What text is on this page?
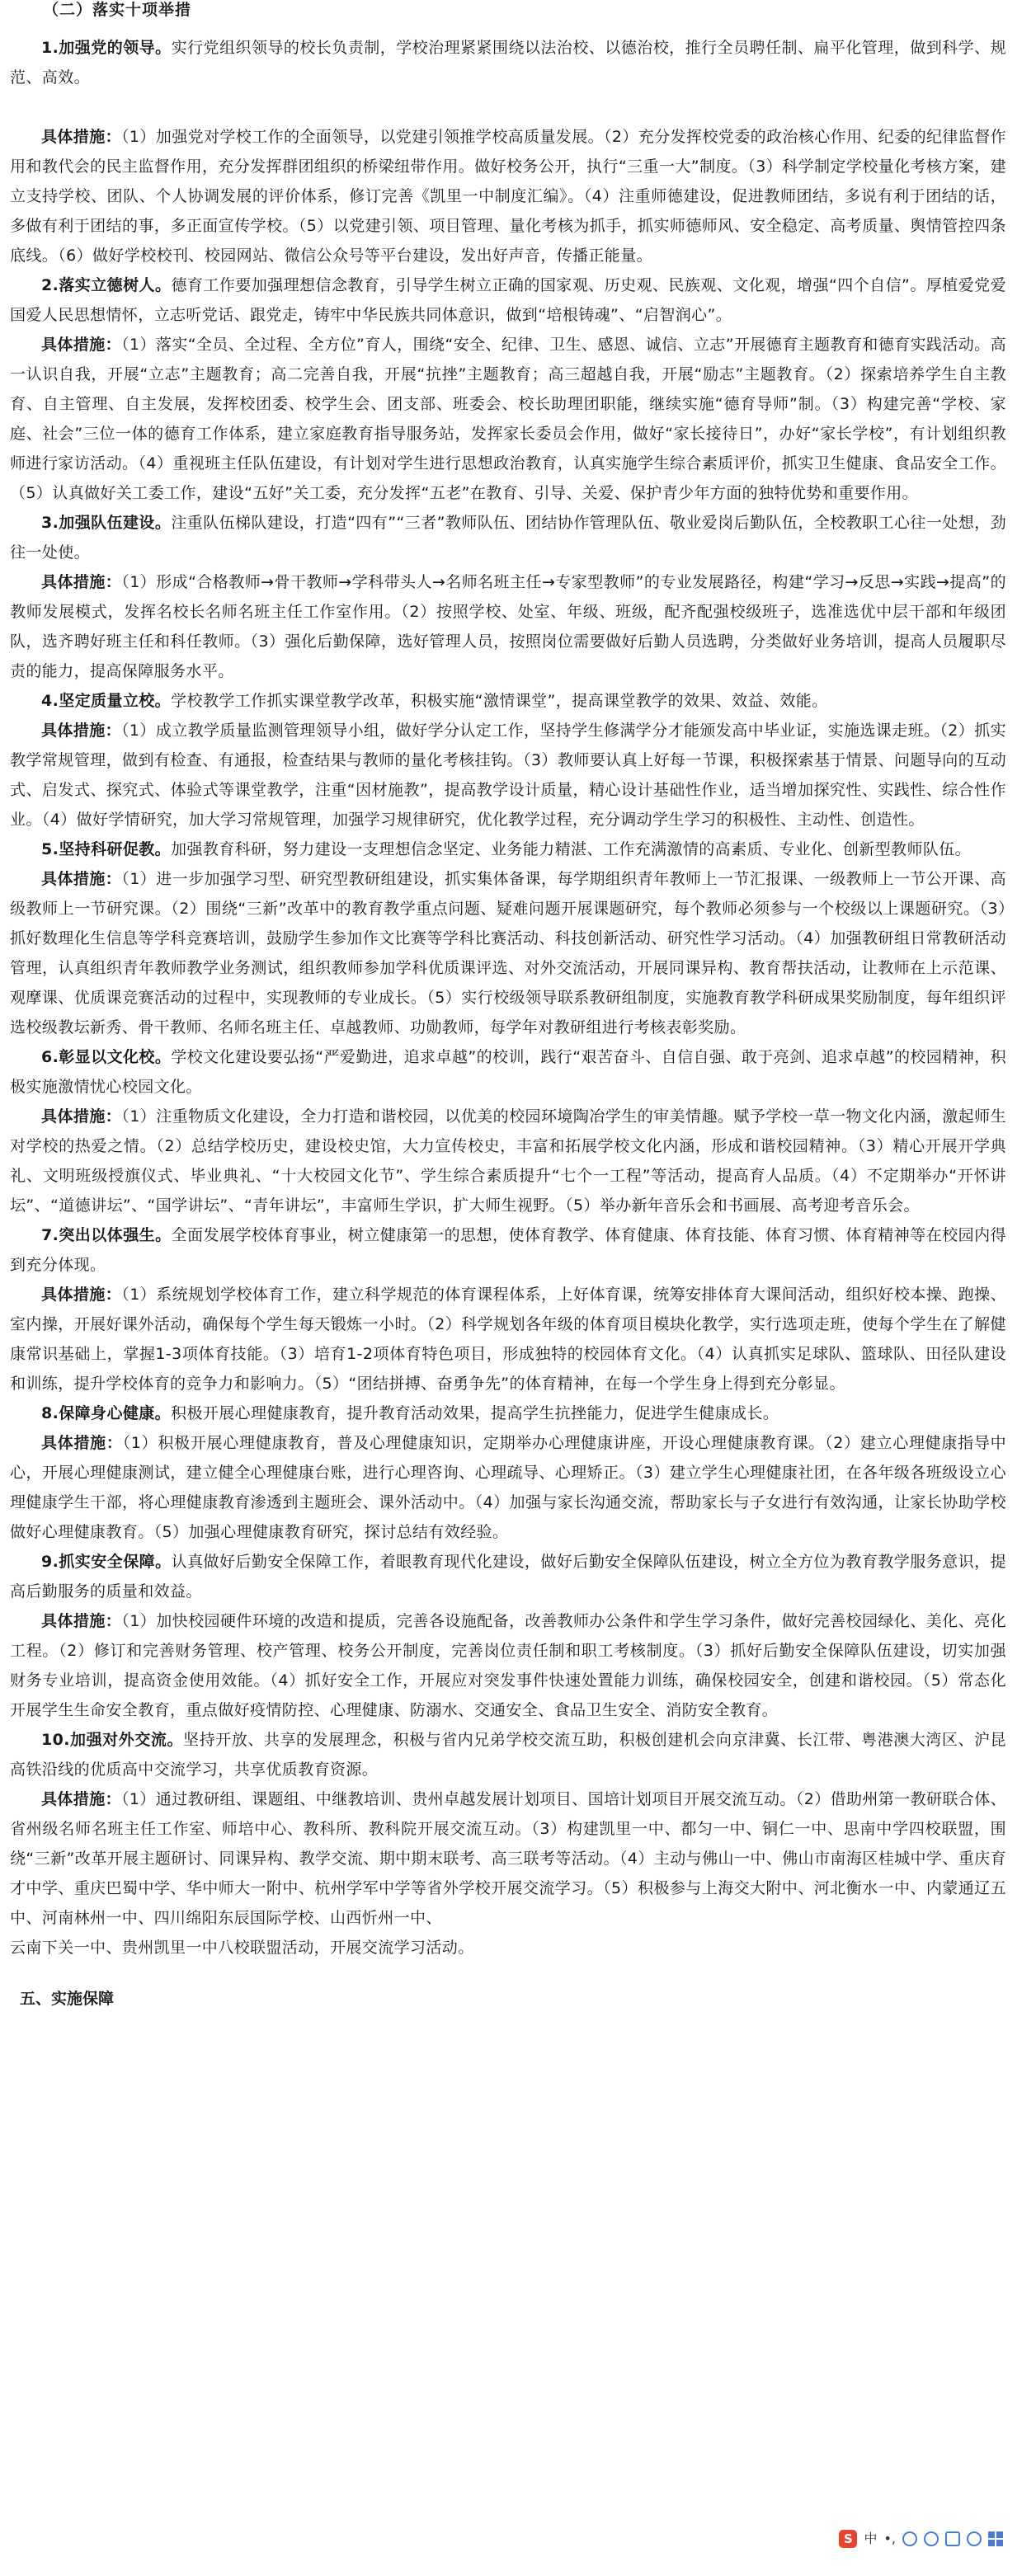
（二）落实十项举措

1.加强党的领导。实行党组织领导的校长负责制，学校治理紧紧围绕以法治校、以德治校，推行全员聘任制、扁平化管理，做到科学、规范、高效。

具体措施：（1）加强党对学校工作的全面领导，以党建引领推学校高质量发展。（2）充分发挥校党委的政治核心作用、纪委的纪律监督作用和教代会的民主监督作用，充分发挥群团组织的桥梁纽带作用。做好校务公开，执行“三重一大”制度。（3）科学制定学校量化考核方案，建立支持学校、团队、个人协调发展的评价体系，修订完善《凯里一中制度汇编》。（4）注重师德建设，促进教师团结，多说有利于团结的话，多做有利于团结的事，多正面宣传学校。（5）以党建引领、项目管理、量化考核为抓手，抓实师德师风、安全稳定、高考质量、舆情管控四条底线。（6）做好学校校刊、校园网站、微信公众号等平台建设，发出好声音，传播正能量。

2.落实立德树人。德育工作要加强理想信念教育，引导学生树立正确的国家观、历史观、民族观、文化观，增强“四个自信”。厚植爱党爱国爱人民思想情怀，立志听党话、跟党走，铸牢中华民族共同体意识，做到“培根铸魂”、“启智润心”。

具体措施：（1）落实“全员、全过程、全方位”育人，围绕“安全、纪律、卫生、感恩、诚信、立志”开展德育主题教育和德育实践活动。高一认识自我，开展“立志”主题教育；高二完善自我，开展“抗挫”主题教育；高三超越自我，开展“励志”主题教育。（2）探索培养学生自主教育、自主管理、自主发展，发挥校团委、校学生会、团支部、班委会、校长助理团职能，继续实施“德育导师”制。（3）构建完善“学校、家庭、社会”三位一体的德育工作体系，建立家庭教育指导服务站，发挥家长委员会作用，做好“家长接待日”，办好“家长学校”，有计划组织教师进行家访活动。（4）重视班主任队伍建设，有计划对学生进行思想政治教育，认真实施学生综合素质评价，抓实卫生健康、食品安全工作。（5）认真做好关工委工作，建设“五好”关工委，充分发挥“五老”在教育、引导、关爱、保护青少年方面的独特优势和重要作用。

3.加强队伍建设。注重队伍梯队建设，打造“四有”“三者”教师队伍、团结协作管理队伍、敬业爱岗后勤队伍，全校教职工心往一处想，劲往一处使。

具体措施：（1）形成“合格教师→骨干教师→学科带头人→名师名班主任→专家型教师”的专业发展路径，构建“学习→反思→实践→提高”的教师发展模式，发挥名校长名师名班主任工作室作用。（2）按照学校、处室、年级、班级，配齐配强校级班子，选准选优中层干部和年级团队，选齐聘好班主任和科任教师。（3）强化后勤保障，选好管理人员，按照岗位需要做好后勤人员选聘，分类做好业务培训，提高人员履职尽责的能力，提高保障服务水平。

4.坚定质量立校。学校教学工作抓实课堂教学改革，积极实施“激情课堂”，提高课堂教学的效果、效益、效能。

具体措施：（1）成立教学质量监测管理领导小组，做好学分认定工作，坚持学生修满学分才能颁发高中毕业证，实施选课走班。（2）抓实教学常规管理，做到有检查、有通报，检查结果与教师的量化考核挂钩。（3）教师要认真上好每一节课，积极探索基于情景、问题导向的互动式、启发式、探究式、体验式等课堂教学，注重“因材施教”，提高教学设计质量，精心设计基础性作业，适当增加探究性、实践性、综合性作业。（4）做好学情研究，加大学习常规管理，加强学习规律研究，优化教学过程，充分调动学生学习的积极性、主动性、创造性。

5.坚持科研促教。加强教育科研，努力建设一支理想信念坚定、业务能力精湛、工作充满激情的高素质、专业化、创新型教师队伍。

具体措施：（1）进一步加强学习型、研究型教研组建设，抓实集体备课，每学期组织青年教师上一节汇报课、一级教师上一节公开课、高级教师上一节研究课。（2）围绕“三新”改革中的教育教学重点问题、疑难问题开展课题研究，每个教师必须参与一个校级以上课题研究。（3）抓好数理化生信息等学科竞赛培训，鼓励学生参加作文比赛等学科比赛活动、科技创新活动、研究性学习活动。（4）加强教研组日常教研活动管理，认真组织青年教师教学业务测试，组织教师参加学科优质课评选、对外交流活动，开展同课异构、教育帮扶活动，让教师在上示范课、观摩课、优质课竞赛活动的过程中，实现教师的专业成长。（5）实行校级领导联系教研组制度，实施教育教学科研成果奖励制度，每年组织评选校级教坛新秀、骨干教师、名师名班主任、卓越教师、功勋教师，每学年对教研组进行考核表彰奖励。

6.彰显以文化校。学校文化建设要弘扬“严爱勤进，追求卓越”的校训，践行“艰苦奋斗、自信自强、敢于亮剑、追求卓越”的校园精神，积极实施激情忧心校园文化。

具体措施：（1）注重物质文化建设，全力打造和谐校园，以优美的校园环境陶冶学生的审美情趣。赋予学校一草一物文化内涵，激起师生对学校的热爱之情。（2）总结学校历史，建设校史馆，大力宣传校史，丰富和拓展学校文化内涵，形成和谐校园精神。（3）精心开展开学典礼、文明班级授旗仪式、毕业典礼、“十大校园文化节”、学生综合素质提升“七个一工程”等活动，提高育人品质。（4）不定期举办“开怀讲坛”、“道德讲坛”、“国学讲坛”、“青年讲坛”，丰富师生学识，扩大师生视野。（5）举办新年音乐会和书画展、高考迎考音乐会。

7.突出以体强生。全面发展学校体育事业，树立健康第一的思想，使体育教学、体育健康、体育技能、体育习惯、体育精神等在校园内得到充分体现。

具体措施：（1）系统规划学校体育工作，建立科学规范的体育课程体系，上好体育课，统筹安排体育大课间活动，组织好校本操、跑操、室内操，开展好课外活动，确保每个学生每天锻炼一小时。（2）科学规划各年级的体育项目模块化教学，实行选项走班，使每个学生在了解健康常识基础上，掌握1-3项体育技能。（3）培育1-2项体育特色项目，形成独特的校园体育文化。（4）认真抓实足球队、篮球队、田径队建设和训练，提升学校体育的竞争力和影响力。（5）“团结拼搏、奋勇争先”的体育精神，在每一个学生身上得到充分彰显。

8.保障身心健康。积极开展心理健康教育，提升教育活动效果，提高学生抗挫能力，促进学生健康成长。

具体措施：（1）积极开展心理健康教育，普及心理健康知识，定期举办心理健康讲座，开设心理健康教育课。（2）建立心理健康指导中心，开展心理健康测试，建立健全心理健康台账，进行心理咨询、心理疏导、心理矫正。（3）建立学生心理健康社团，在各年级各班级设立心理健康学生干部，将心理健康教育渗透到主题班会、课外活动中。（4）加强与家长沟通交流，帮助家长与子女进行有效沟通，让家长协助学校做好心理健康教育。（5）加强心理健康教育研究，探讨总结有效经验。

9.抓实安全保障。认真做好后勤安全保障工作，着眼教育现代化建设，做好后勤安全保障队伍建设，树立全方位为教育教学服务意识，提高后勤服务的质量和效益。

具体措施：（1）加快校园硬件环境的改造和提质，完善各设施配备，改善教师办公条件和学生学习条件，做好完善校园绿化、美化、亮化工程。（2）修订和完善财务管理、校产管理、校务公开制度，完善岗位责任制和职工考核制度。（3）抓好后勤安全保障队伍建设，切实加强财务专业培训，提高资金使用效能。（4）抓好安全工作，开展应对突发事件快速处置能力训练，确保校园安全，创建和谐校园。（5）常态化开展学生生命安全教育，重点做好疫情防控、心理健康、防溺水、交通安全、食品卫生安全、消防安全教育。

10.加强对外交流。坚持开放、共享的发展理念，积极与省内兄弟学校交流互助，积极创建机会向京津冀、长江带、粤港澳大湾区、沪昆高铁沿线的优质高中交流学习，共享优质教育资源。

具体措施：（1）通过教研组、课题组、中继教培训、贵州卓越发展计划项目、国培计划项目开展交流互动。（2）借助州第一教研联合体、省州级名师名班主任工作室、师培中心、教科所、教科院开展交流互动。（3）构建凯里一中、都匀一中、铜仁一中、思南中学四校联盟，围绕“三新”改革开展主题研讨、同课异构、教学交流、期中期末联考、高三联考等活动。（4）主动与佛山一中、佛山市南海区桂城中学、重庆育才中学、重庆巴蜀中学、华中师大一附中、杭州学军中学等省外学校开展交流学习。（5）积极参与上海交大附中、河北衡水一中、内蒙通辽五中、河南林州一中、四川绵阳东辰国际学校、山西忻州一中、

云南下关一中、贵州凯里一中八校联盟活动，开展交流学习活动。

五、实施保障
S 中 •,
